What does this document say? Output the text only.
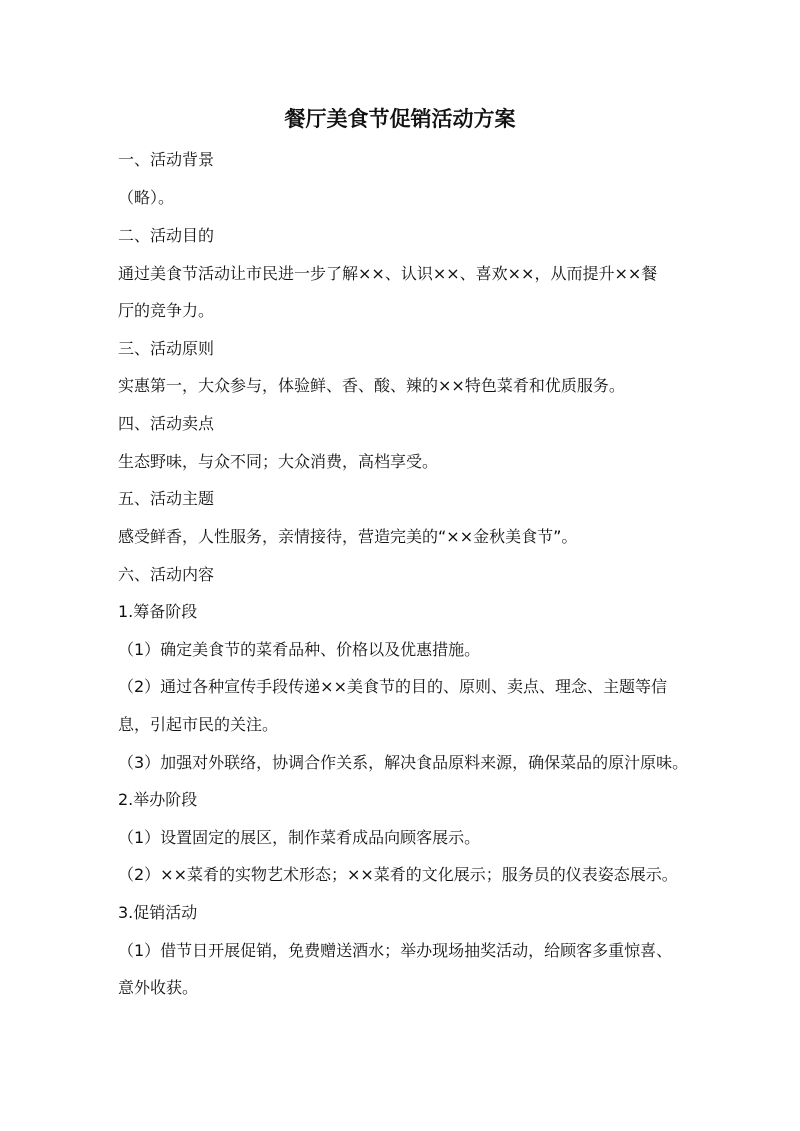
餐厅美食节促销活动方案
一、活动背景
（略）。
二、活动目的
通过美食节活动让市民进一步了解××、认识××、喜欢××，从而提升××餐
厅的竞争力。
三、活动原则
实惠第一，大众参与，体验鲜、香、酸、辣的××特色菜肴和优质服务。
四、活动卖点
生态野味，与众不同；大众消费，高档享受。
五、活动主题
感受鲜香，人性服务，亲情接待，营造完美的“××金秋美食节”。
六、活动内容
1.筹备阶段
（1）确定美食节的菜肴品种、价格以及优惠措施。
（2）通过各种宣传手段传递××美食节的目的、原则、卖点、理念、主题等信
息，引起市民的关注。
（3）加强对外联络，协调合作关系，解决食品原料来源，确保菜品的原汁原味。
2.举办阶段
（1）设置固定的展区，制作菜肴成品向顾客展示。
（2）××菜肴的实物艺术形态；××菜肴的文化展示；服务员的仪表姿态展示。
3.促销活动
（1）借节日开展促销，免费赠送酒水；举办现场抽奖活动，给顾客多重惊喜、
意外收获。
